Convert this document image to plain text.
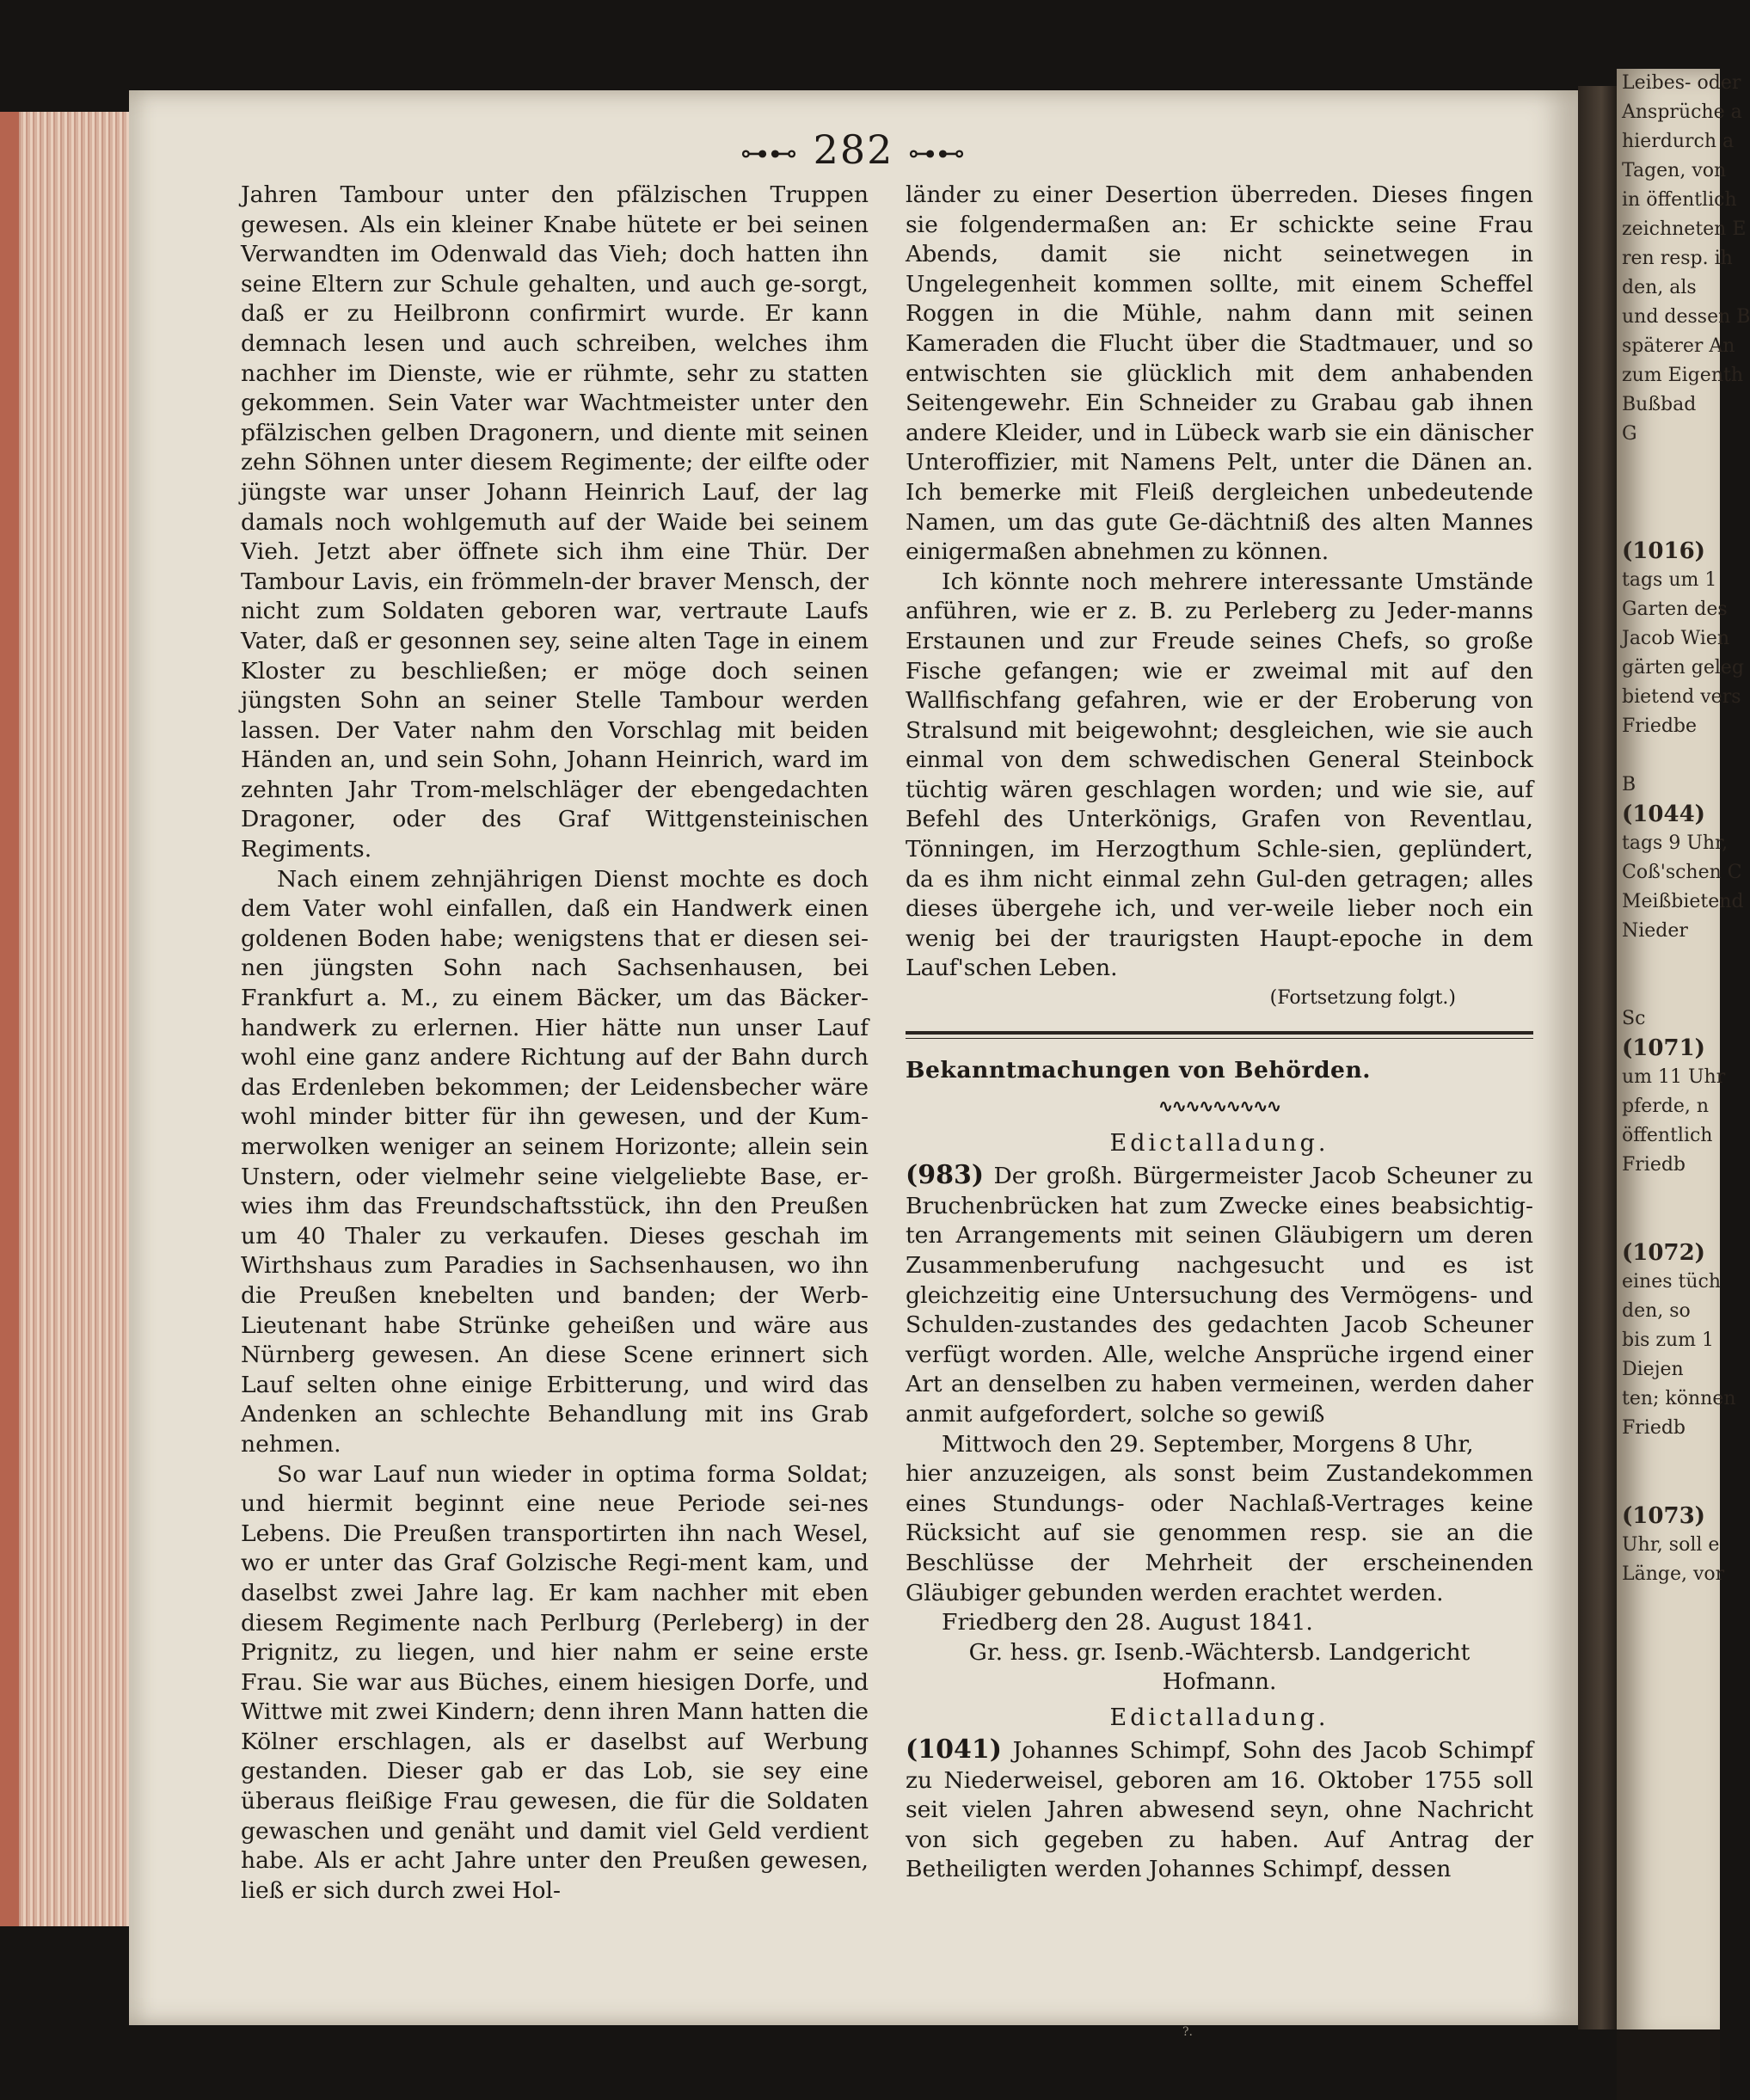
Leibes- oder
Ansprüche a
hierdurch a
Tagen, von
in öffentlich
zeichneten E
ren resp. ih
den, als
und dessen B
späterer An
zum Eigenth
Bußbad
G

(1016)
tags um 1
Garten des
Jacob Wien
gärten geleg
bietend vers
Friedbe

B
(1044)
tags 9 Uhr,
Coß'schen C
Meißbietend
Nieder

Sc
(1071)
um 11 Uhr
pferde, n
öffentlich
Friedb

(1072)
eines tüch
den, so
bis zum 1
Diejen
ten; können
Friedb

(1073)
Uhr, soll e
Länge, vor
⊶⊷ 282 ⊶⊷

Jahren Tambour unter den pfälzischen Truppen gewesen. Als ein kleiner Knabe hütete er bei seinen Verwandten im Odenwald das Vieh; doch hatten ihn seine Eltern zur Schule gehalten, und auch ge-sorgt, daß er zu Heilbronn confirmirt wurde. Er kann demnach lesen und auch schreiben, welches ihm nachher im Dienste, wie er rühmte, sehr zu statten gekommen. Sein Vater war Wachtmeister unter den pfälzischen gelben Dragonern, und diente mit seinen zehn Söhnen unter diesem Regimente; der eilfte oder jüngste war unser Johann Heinrich Lauf, der lag damals noch wohlgemuth auf der Waide bei seinem Vieh. Jetzt aber öffnete sich ihm eine Thür. Der Tambour Lavis, ein frömmeln-der braver Mensch, der nicht zum Soldaten geboren war, vertraute Laufs Vater, daß er gesonnen sey, seine alten Tage in einem Kloster zu beschließen; er möge doch seinen jüngsten Sohn an seiner Stelle Tambour werden lassen. Der Vater nahm den Vorschlag mit beiden Händen an, und sein Sohn, Johann Heinrich, ward im zehnten Jahr Trom-melschläger der ebengedachten Dragoner, oder des Graf Wittgensteinischen Regiments.

Nach einem zehnjährigen Dienst mochte es doch dem Vater wohl einfallen, daß ein Handwerk einen goldenen Boden habe; wenigstens that er diesen sei-nen jüngsten Sohn nach Sachsenhausen, bei Frankfurt a. M., zu einem Bäcker, um das Bäcker-handwerk zu erlernen. Hier hätte nun unser Lauf wohl eine ganz andere Richtung auf der Bahn durch das Erdenleben bekommen; der Leidensbecher wäre wohl minder bitter für ihn gewesen, und der Kum-merwolken weniger an seinem Horizonte; allein sein Unstern, oder vielmehr seine vielgeliebte Base, er-wies ihm das Freundschaftsstück, ihn den Preußen um 40 Thaler zu verkaufen. Dieses geschah im Wirthshaus zum Paradies in Sachsenhausen, wo ihn die Preußen knebelten und banden; der Werb-Lieutenant habe Strünke geheißen und wäre aus Nürnberg gewesen. An diese Scene erinnert sich Lauf selten ohne einige Erbitterung, und wird das Andenken an schlechte Behandlung mit ins Grab nehmen.

So war Lauf nun wieder in optima forma Soldat; und hiermit beginnt eine neue Periode sei-nes Lebens. Die Preußen transportirten ihn nach Wesel, wo er unter das Graf Golzische Regi-ment kam, und daselbst zwei Jahre lag. Er kam nachher mit eben diesem Regimente nach Perlburg (Perleberg) in der Prignitz, zu liegen, und hier nahm er seine erste Frau. Sie war aus Büches, einem hiesigen Dorfe, und Wittwe mit zwei Kindern; denn ihren Mann hatten die Kölner erschlagen, als er daselbst auf Werbung gestanden. Dieser gab er das Lob, sie sey eine überaus fleißige Frau gewesen, die für die Soldaten gewaschen und genäht und damit viel Geld verdient habe. Als er acht Jahre unter den Preußen gewesen, ließ er sich durch zwei Hol-

länder zu einer Desertion überreden. Dieses fingen sie folgendermaßen an: Er schickte seine Frau Abends, damit sie nicht seinetwegen in Ungelegenheit kommen sollte, mit einem Scheffel Roggen in die Mühle, nahm dann mit seinen Kameraden die Flucht über die Stadtmauer, und so entwischten sie glücklich mit dem anhabenden Seitengewehr. Ein Schneider zu Grabau gab ihnen andere Kleider, und in Lübeck warb sie ein dänischer Unteroffizier, mit Namens Pelt, unter die Dänen an. Ich bemerke mit Fleiß dergleichen unbedeutende Namen, um das gute Ge-dächtniß des alten Mannes einigermaßen abnehmen zu können.

Ich könnte noch mehrere interessante Umstände anführen, wie er z. B. zu Perleberg zu Jeder-manns Erstaunen und zur Freude seines Chefs, so große Fische gefangen; wie er zweimal mit auf den Wallfischfang gefahren, wie er der Eroberung von Stralsund mit beigewohnt; desgleichen, wie sie auch einmal von dem schwedischen General Steinbock tüchtig wären geschlagen worden; und wie sie, auf Befehl des Unterkönigs, Grafen von Reventlau, Tönningen, im Herzogthum Schle-sien, geplündert, da es ihm nicht einmal zehn Gul-den getragen; alles dieses übergehe ich, und ver-weile lieber noch ein wenig bei der traurigsten Haupt-epoche in dem Lauf'schen Leben.

(Fortsetzung folgt.)

Bekanntmachungen von Behörden.

∿∿∿∿∿∿∿∿∿
Edictalladung.

(983) Der großh. Bürgermeister Jacob Scheuner zu Bruchenbrücken hat zum Zwecke eines beabsichtig-ten Arrangements mit seinen Gläubigern um deren Zusammenberufung nachgesucht und es ist gleichzeitig eine Untersuchung des Vermögens- und Schulden-zustandes des gedachten Jacob Scheuner verfügt worden. Alle, welche Ansprüche irgend einer Art an denselben zu haben vermeinen, werden daher anmit aufgefordert, solche so gewiß

Mittwoch den 29. September, Morgens 8 Uhr,

hier anzuzeigen, als sonst beim Zustandekommen eines Stundungs- oder Nachlaß-Vertrages keine Rücksicht auf sie genommen resp. sie an die Beschlüsse der Mehrheit der erscheinenden Gläubiger gebunden werden erachtet werden.

Friedberg den 28. August 1841.

Gr. hess. gr. Isenb.-Wächtersb. Landgericht

Hofmann.

Edictalladung.

(1041) Johannes Schimpf, Sohn des Jacob Schimpf zu Niederweisel, geboren am 16. Oktober 1755 soll seit vielen Jahren abwesend seyn, ohne Nachricht von sich gegeben zu haben. Auf Antrag der Betheiligten werden Johannes Schimpf, dessen

?.
